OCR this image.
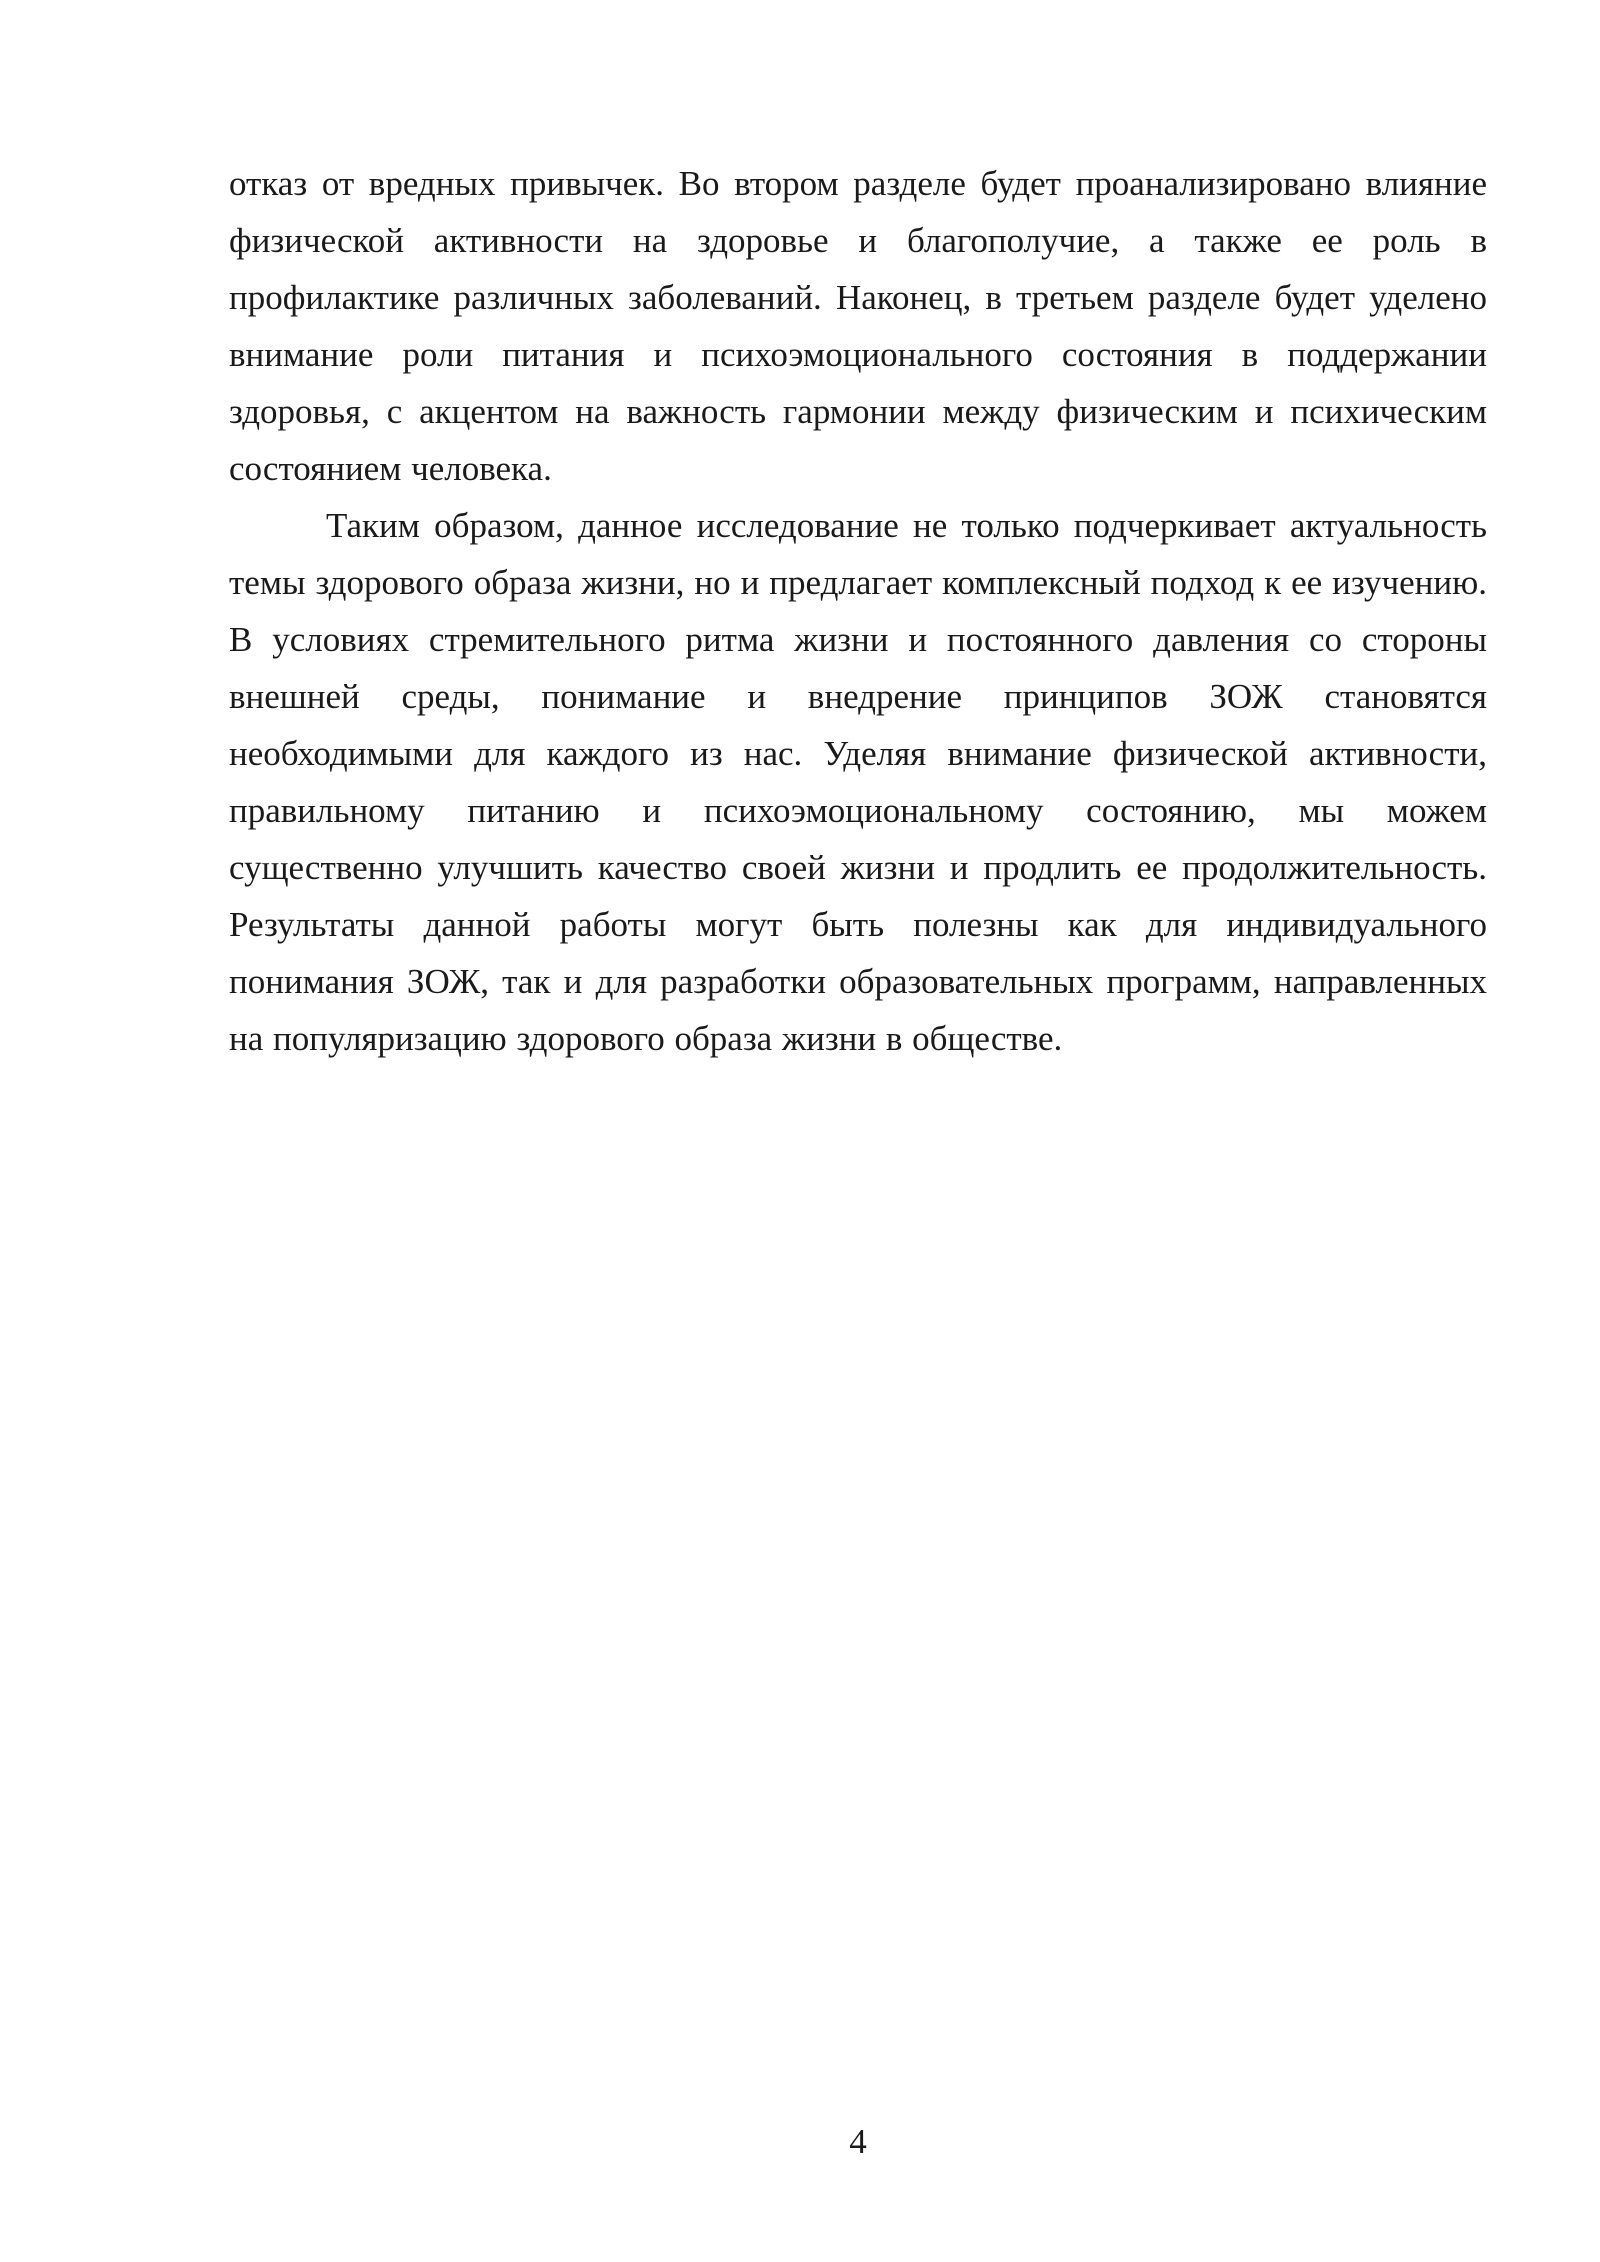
отказ от вредных привычек. Во втором разделе будет проанализировано влияние физической активности на здоровье и благополучие, а также ее роль в профилактике различных заболеваний. Наконец, в третьем разделе будет уделено внимание роли питания и психоэмоционального состояния в поддержании здоровья, с акцентом на важность гармонии между физическим и психическим состоянием человека.

Таким образом, данное исследование не только подчеркивает актуальность темы здорового образа жизни, но и предлагает комплексный подход к ее изучению. В условиях стремительного ритма жизни и постоянного давления со стороны внешней среды, понимание и внедрение принципов ЗОЖ становятся необходимыми для каждого из нас. Уделяя внимание физической активности, правильному питанию и психоэмоциональному состоянию, мы можем существенно улучшить качество своей жизни и продлить ее продолжительность. Результаты данной работы могут быть полезны как для индивидуального понимания ЗОЖ, так и для разработки образовательных программ, направленных на популяризацию здорового образа жизни в обществе.

4
